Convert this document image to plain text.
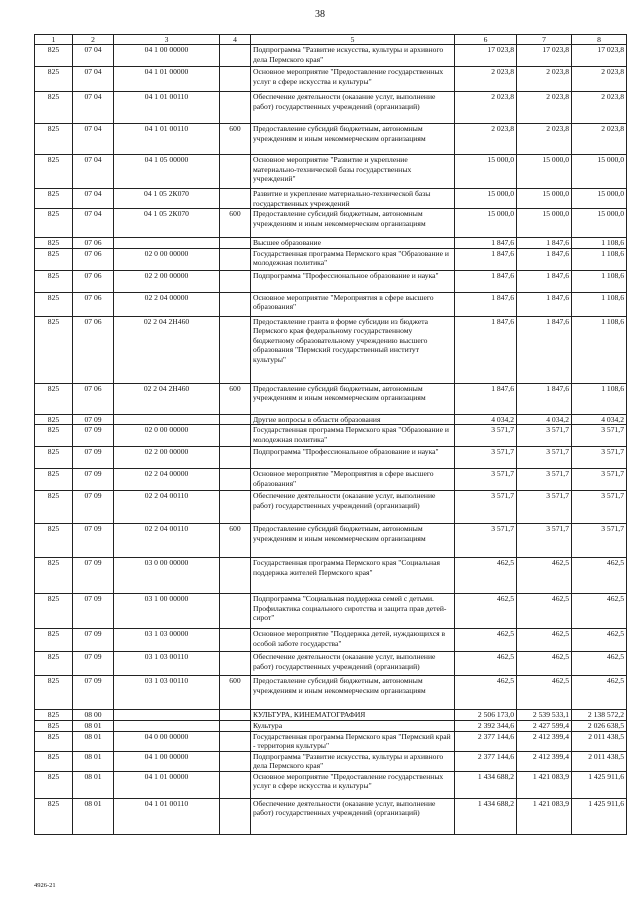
38
1	2	3	4	5	6	7	8
825	07 04	04 1 00 00000		Подпрограмма "Развитие искусства, культуры и архивного дела Пермского края"	17 023,8	17 023,8	17 023,8
825	07 04	04 1 01 00000		Основное мероприятие "Предоставление государственных услуг в сфере искусства и культуры"	2 023,8	2 023,8	2 023,8
825	07 04	04 1 01 00110		Обеспечение деятельности (оказание услуг, выполнение работ) государственных учреждений (организаций)	2 023,8	2 023,8	2 023,8
825	07 04	04 1 01 00110	600	Предоставление субсидий бюджетным, автономным учреждениям и иным некоммерческим организациям	2 023,8	2 023,8	2 023,8
825	07 04	04 1 05 00000		Основное мероприятие "Развитие и укрепление материально-технической базы государственных учреждений"	15 000,0	15 000,0	15 000,0
825	07 04	04 1 05 2К070		Развитие и укрепление материально-технической базы государственных учреждений	15 000,0	15 000,0	15 000,0
825	07 04	04 1 05 2К070	600	Предоставление субсидий бюджетным, автономным учреждениям и иным некоммерческим организациям	15 000,0	15 000,0	15 000,0
825	07 06			Высшее образование	1 847,6	1 847,6	1 108,6
825	07 06	02 0 00 00000		Государственная программа Пермского края "Образование и молодежная политика"	1 847,6	1 847,6	1 108,6
825	07 06	02 2 00 00000		Подпрограмма "Профессиональное образование и наука"	1 847,6	1 847,6	1 108,6
825	07 06	02 2 04 00000		Основное мероприятие "Мероприятия в сфере высшего образования"	1 847,6	1 847,6	1 108,6
825	07 06	02 2 04 2Н460		Предоставление гранта в форме субсидии из бюджета Пермского края федеральному государственному бюджетному образовательному учреждению высшего образования "Пермский государственный институт культуры"	1 847,6	1 847,6	1 108,6
825	07 06	02 2 04 2Н460	600	Предоставление субсидий бюджетным, автономным учреждениям и иным некоммерческим организациям	1 847,6	1 847,6	1 108,6
825	07 09			Другие вопросы в области образования	4 034,2	4 034,2	4 034,2
825	07 09	02 0 00 00000		Государственная программа Пермского края "Образование и молодежная политика"	3 571,7	3 571,7	3 571,7
825	07 09	02 2 00 00000		Подпрограмма "Профессиональное образование и наука"	3 571,7	3 571,7	3 571,7
825	07 09	02 2 04 00000		Основное мероприятие "Мероприятия в сфере высшего образования"	3 571,7	3 571,7	3 571,7
825	07 09	02 2 04 00110		Обеспечение деятельности (оказание услуг, выполнение работ) государственных учреждений (организаций)	3 571,7	3 571,7	3 571,7
825	07 09	02 2 04 00110	600	Предоставление субсидий бюджетным, автономным учреждениям и иным некоммерческим организациям	3 571,7	3 571,7	3 571,7
825	07 09	03 0 00 00000		Государственная программа Пермского края "Социальная поддержка жителей Пермского края"	462,5	462,5	462,5
825	07 09	03 1 00 00000		Подпрограмма "Социальная поддержка семей с детьми. Профилактика социального сиротства и защита прав детей-сирот"	462,5	462,5	462,5
825	07 09	03 1 03 00000		Основное мероприятие "Поддержка детей, нуждающихся в особой заботе государства"	462,5	462,5	462,5
825	07 09	03 1 03 00110		Обеспечение деятельности (оказание услуг, выполнение работ) государственных учреждений (организаций)	462,5	462,5	462,5
825	07 09	03 1 03 00110	600	Предоставление субсидий бюджетным, автономным учреждениям и иным некоммерческим организациям	462,5	462,5	462,5
825	08 00			КУЛЬТУРА, КИНЕМАТОГРАФИЯ	2 506 173,0	2 539 533,1	2 138 572,2
825	08 01			Культура	2 392 344,6	2 427 599,4	2 026 638,5
825	08 01	04 0 00 00000		Государственная программа Пермского края "Пермский край - территория культуры"	2 377 144,6	2 412 399,4	2 011 438,5
825	08 01	04 1 00 00000		Подпрограмма "Развитие искусства, культуры и архивного дела Пермского края"	2 377 144,6	2 412 399,4	2 011 438,5
825	08 01	04 1 01 00000		Основное мероприятие "Предоставление государственных услуг в сфере искусства и культуры"	1 434 688,2	1 421 083,9	1 425 911,6
825	08 01	04 1 01 00110		Обеспечение деятельности (оказание услуг, выполнение работ) государственных учреждений (организаций)	1 434 688,2	1 421 083,9	1 425 911,6
4926-21
